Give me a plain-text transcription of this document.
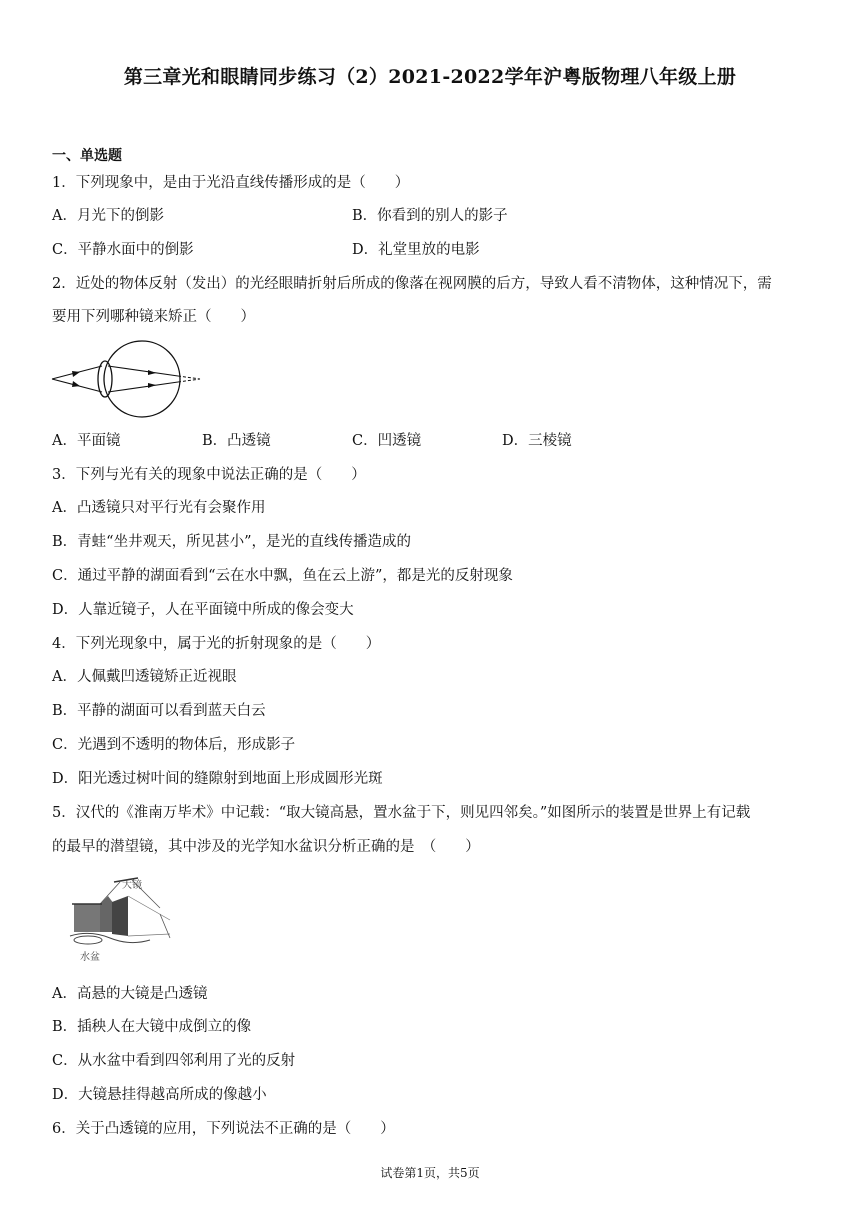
第三章光和眼睛同步练习（2）2021-2022学年沪粤版物理八年级上册
一、单选题
1．下列现象中，是由于光沿直线传播形成的是（　　）
A．月光下的倒影	B．你看到的别人的影子
C．平静水面中的倒影	D．礼堂里放的电影
2．近处的物体反射（发出）的光经眼睛折射后所成的像落在视网膜的后方，导致人看不清物体，这种情况下，需
要用下列哪种镜来矫正（　　）
A．平面镜	B．凸透镜	C．凹透镜	D．三棱镜
3．下列与光有关的现象中说法正确的是（　　）
A．凸透镜只对平行光有会聚作用
B．青蛙“坐井观天，所见甚小”，是光的直线传播造成的
C．通过平静的湖面看到“云在水中飘，鱼在云上游”，都是光的反射现象
D．人靠近镜子，人在平面镜中所成的像会变大
4．下列光现象中，属于光的折射现象的是（　　）
A．人佩戴凹透镜矫正近视眼
B．平静的湖面可以看到蓝天白云
C．光遇到不透明的物体后，形成影子
D．阳光透过树叶间的缝隙射到地面上形成圆形光斑
5．汉代的《淮南万毕术》中记载：“取大镜高悬，置水盆于下，则见四邻矣。”如图所示的装置是世界上有记载
的最早的潜望镜，其中涉及的光学知水盆识分析正确的是　（　　）
大镜
水盆
A．高悬的大镜是凸透镜
B．插秧人在大镜中成倒立的像
C．从水盆中看到四邻利用了光的反射
D．大镜悬挂得越高所成的像越小
6．关于凸透镜的应用，下列说法不正确的是（　　）
试卷第1页，共5页
